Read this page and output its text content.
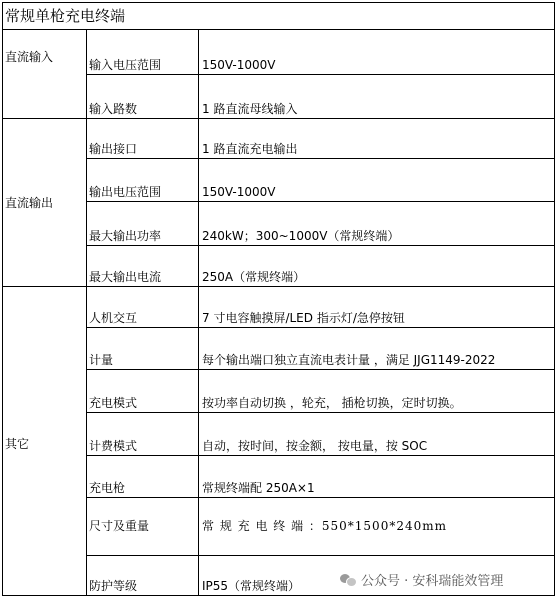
常规单枪充电终端		
直流输入	输入电压范围	150V-1000V
	输入路数	1 路直流母线输入
直流输出	输出接口	1 路直流充电输出
	输出电压范围	150V-1000V
	最大输出功率	240kW；300~1000V（常规终端）
	最大输出电流	250A（常规终端）
其它	人机交互	7 寸电容触摸屏/LED 指示灯/急停按钮
	计量	每个输出端口独立直流电表计量 ，满足 JJG1149-2022
	充电模式	按功率自动切换 ，轮充， 插枪切换，定时切换。
	计费模式	自动，按时间，按金额， 按电量，按 SOC
	充电枪	常规终端配 250A×1
	尺寸及重量	常 规 充 电 终 端 ：550*1500*240mm
	防护等级	IP55（常规终端）	公众号 · 安科瑞能效管理
